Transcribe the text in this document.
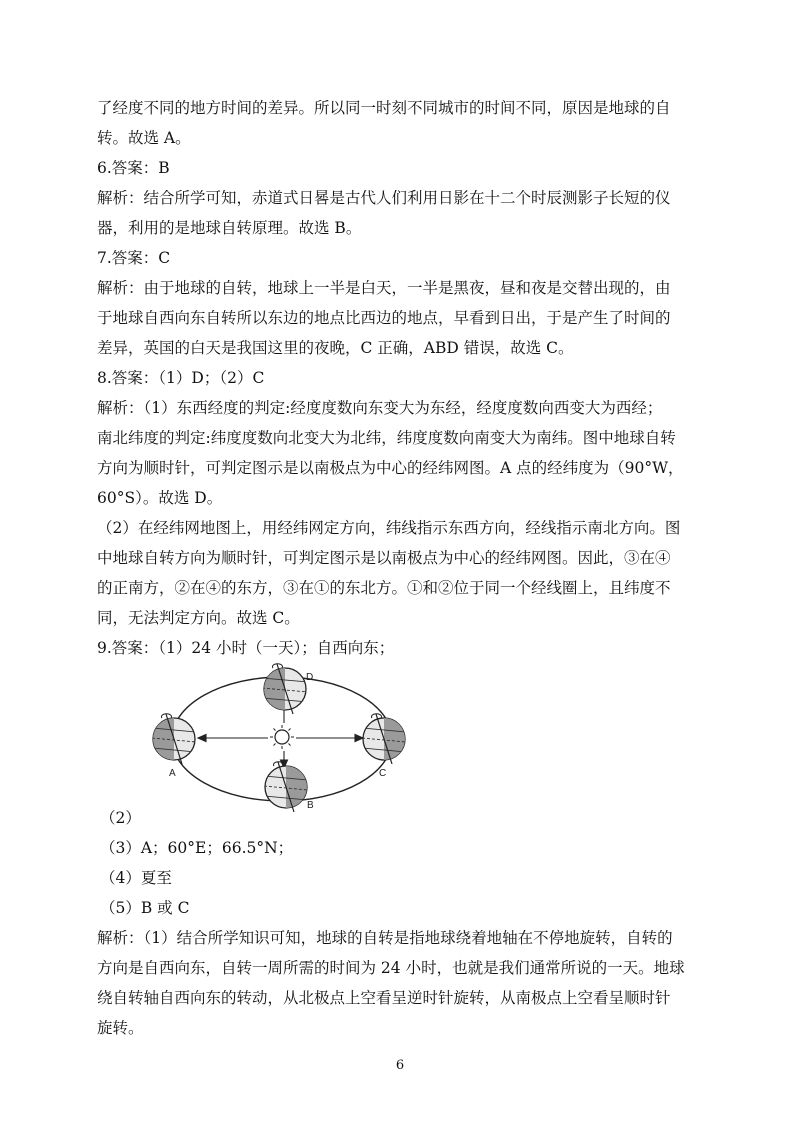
了经度不同的地方时间的差异。所以同一时刻不同城市的时间不同，原因是地球的自
转。故选 A。
6.答案：B
解析：结合所学可知，赤道式日晷是古代人们利用日影在十二个时辰测影子长短的仪
器，利用的是地球自转原理。故选 B。
7.答案：C
解析：由于地球的自转，地球上一半是白天，一半是黑夜，昼和夜是交替出现的，由
于地球自西向东自转所以东边的地点比西边的地点，早看到日出，于是产生了时间的
差异，英国的白天是我国这里的夜晚，C 正确，ABD 错误，故选 C。
8.答案：（1）D；（2）C
解析：（1）东西经度的判定:经度度数向东变大为东经，经度度数向西变大为西经；
南北纬度的判定:纬度度数向北变大为北纬，纬度度数向南变大为南纬。图中地球自转
方向为顺时针，可判定图示是以南极点为中心的经纬网图。A 点的经纬度为（90°W，
60°S）。故选 D。
（2）在经纬网地图上，用经纬网定方向，纬线指示东西方向，经线指示南北方向。图
中地球自转方向为顺时针，可判定图示是以南极点为中心的经纬网图。因此，③在④
的正南方，②在④的东方，③在①的东北方。①和②位于同一个经线圈上，且纬度不
同，无法判定方向。故选 C。
9.答案：（1）24 小时（一天）；自西向东；
（2）
（3）A；60°E；66.5°N；
（4）夏至
（5）B 或 C
解析：（1）结合所学知识可知，地球的自转是指地球绕着地轴在不停地旋转，自转的
方向是自西向东，自转一周所需的时间为 24 小时，也就是我们通常所说的一天。地球
绕自转轴自西向东的转动，从北极点上空看呈逆时针旋转，从南极点上空看呈顺时针
旋转。
A
D
C
B
6
